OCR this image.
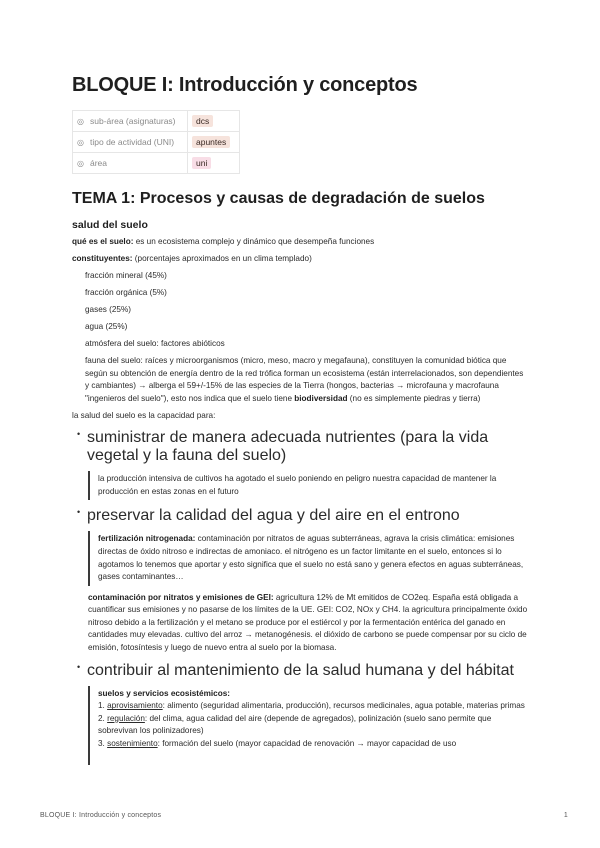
BLOQUE I: Introducción y conceptos
◎ sub-área (asignaturas)	dcs
◎ tipo de actividad (UNI)	apuntes
◎ área	uni
TEMA 1: Procesos y causas de degradación de suelos
salud del suelo

qué es el suelo: es un ecosistema complejo y dinámico que desempeña funciones

constituyentes: (porcentajes aproximados en un clima templado)

fracción mineral (45%)

fracción orgánica (5%)

gases (25%)

agua (25%)

atmósfera del suelo: factores abióticos

fauna del suelo: raíces y microorganismos (micro, meso, macro y megafauna), constituyen la comunidad biótica que según su obtención de energía dentro de la red trófica forman un ecosistema (están interrelacionados, son dependientes y cambiantes) → alberga el 59+/-15% de las especies de la Tierra (hongos, bacterias → microfauna y macrofauna "ingenieros del suelo"), esto nos indica que el suelo tiene biodiversidad (no es simplemente piedras y tierra)

la salud del suelo es la capacidad para:

• suministrar de manera adecuada nutrientes (para la vida vegetal y la fauna del suelo)
la producción intensiva de cultivos ha agotado el suelo poniendo en peligro nuestra capacidad de mantener la producción en estas zonas en el futuro
• preservar la calidad del agua y del aire en el entrono
fertilización nitrogenada: contaminación por nitratos de aguas subterráneas, agrava la crisis climática: emisiones directas de óxido nitroso e indirectas de amoniaco. el nitrógeno es un factor limitante en el suelo, entonces si lo agotamos lo tenemos que aportar y esto significa que el suelo no está sano y genera efectos en aguas subterráneas, gases contaminantes…

contaminación por nitratos y emisiones de GEI: agricultura 12% de Mt emitidos de CO2eq. España está obligada a cuantificar sus emisiones y no pasarse de los límites de la UE. GEI: CO2, NOx y CH4. la agricultura principalmente óxido nitroso debido a la fertilización y el metano se produce por el estiércol y por la fermentación entérica del ganado en cantidades muy elevadas. cultivo del arroz → metanogénesis. el dióxido de carbono se puede compensar por su ciclo de emisión, fotosíntesis y luego de nuevo entra al suelo por la biomasa.

• contribuir al mantenimiento de la salud humana y del hábitat
suelos y servicios ecosistémicos:
1. aprovisamiento: alimento (seguridad alimentaria, producción), recursos medicinales, agua potable, materias primas
2. regulación: del clima, agua calidad del aire (depende de agregados), polinización (suelo sano permite que sobrevivan los polinizadores)
3. sostenimiento: formación del suelo (mayor capacidad de renovación → mayor capacidad de uso

BLOQUE I: Introducción y conceptos	1
